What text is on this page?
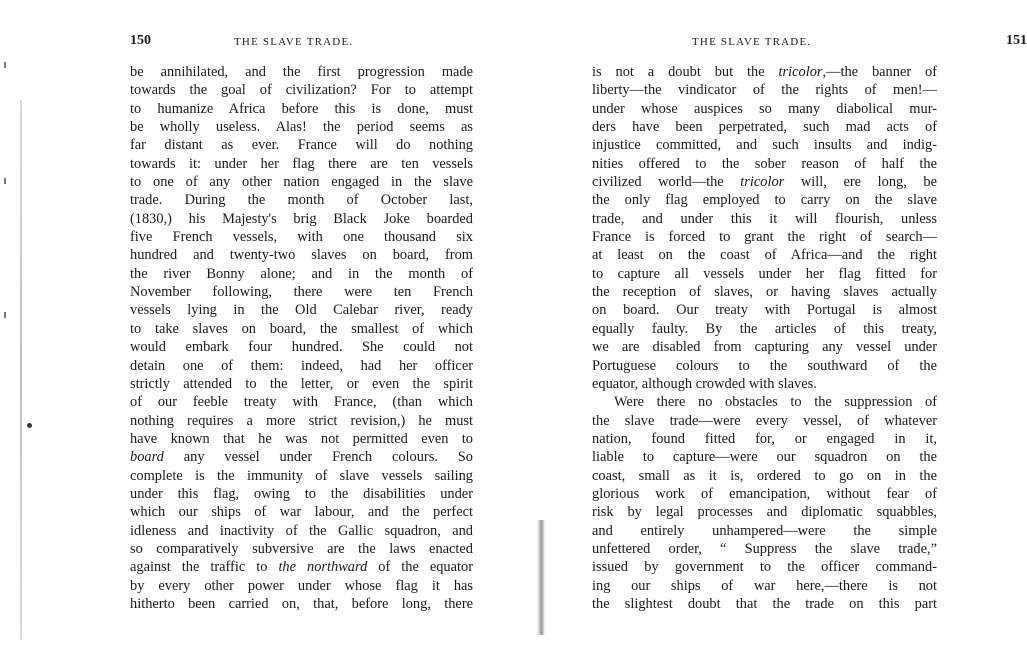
150	THE SLAVE TRADE.
be annihilated, and the first progression made
towards the goal of civilization? For to attempt
to humanize Africa before this is done, must
be wholly useless. Alas! the period seems as
far distant as ever. France will do nothing
towards it: under her flag there are ten vessels
to one of any other nation engaged in the slave
trade. During the month of October last,
(1830,) his Majesty's brig Black Joke boarded
five French vessels, with one thousand six
hundred and twenty-two slaves on board, from
the river Bonny alone; and in the month of
November following, there were ten French
vessels lying in the Old Calebar river, ready
to take slaves on board, the smallest of which
would embark four hundred. She could not
detain one of them: indeed, had her officer
strictly attended to the letter, or even the spirit
of our feeble treaty with France, (than which
nothing requires a more strict revision,) he must
have known that he was not permitted even to
board any vessel under French colours. So
complete is the immunity of slave vessels sailing
under this flag, owing to the disabilities under
which our ships of war labour, and the perfect
idleness and inactivity of the Gallic squadron, and
so comparatively subversive are the laws enacted
against the traffic to the northward of the equator
by every other power under whose flag it has
hitherto been carried on, that, before long, there
THE SLAVE TRADE.	151
is not a doubt but the tricolor,—the banner of
liberty—the vindicator of the rights of men!—
under whose auspices so many diabolical mur-
ders have been perpetrated, such mad acts of
injustice committed, and such insults and indig-
nities offered to the sober reason of half the
civilized world—the tricolor will, ere long, be
the only flag employed to carry on the slave
trade, and under this it will flourish, unless
France is forced to grant the right of search—
at least on the coast of Africa—and the right
to capture all vessels under her flag fitted for
the reception of slaves, or having slaves actually
on board. Our treaty with Portugal is almost
equally faulty. By the articles of this treaty,
we are disabled from capturing any vessel under
Portuguese colours to the southward of the
equator, although crowded with slaves.
Were there no obstacles to the suppression of
the slave trade—were every vessel, of whatever
nation, found fitted for, or engaged in it,
liable to capture—were our squadron on the
coast, small as it is, ordered to go on in the
glorious work of emancipation, without fear of
risk by legal processes and diplomatic squabbles,
and entirely unhampered—were the simple
unfettered order, “ Suppress the slave trade,”
issued by government to the officer command-
ing our ships of war here,—there is not
the slightest doubt that the trade on this part
